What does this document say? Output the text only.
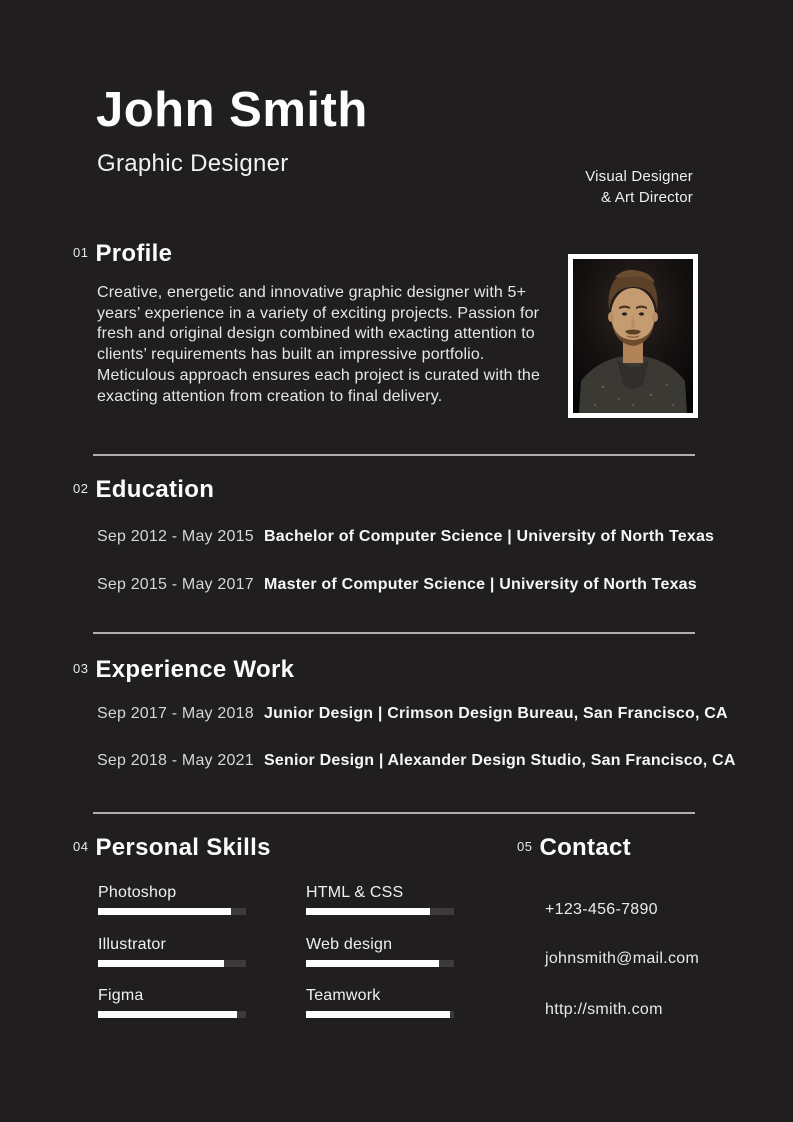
John Smith
Graphic Designer	Visual Designer
& Art Director
$^{01}$ Profile
Creative, energetic and innovative graphic designer with 5+ years’ experience in a variety of exciting projects. Passion for fresh and original design combined with exacting attention to clients’ requirements has built an impressive portfolio. Meticulous approach ensures each project is curated with the exacting attention from creation to final delivery.
$^{02}$ Education
Sep 2012 - May 2015 Bachelor of Computer Science | University of North Texas
Sep 2015 - May 2017 Master of Computer Science | University of North Texas
$^{03}$ Experience Work
Sep 2017 - May 2018 Junior Design | Crimson Design Bureau, San Francisco, CA
Sep 2018 - May 2021 Senior Design | Alexander Design Studio, San Francisco, CA
$^{04}$ Personal Skills
Photoshop
Illustrator
Figma
HTML & CSS
Web design
Teamwork
$^{05}$ Contact
+123-456-7890
johnsmith@mail.com
http://smith.com
